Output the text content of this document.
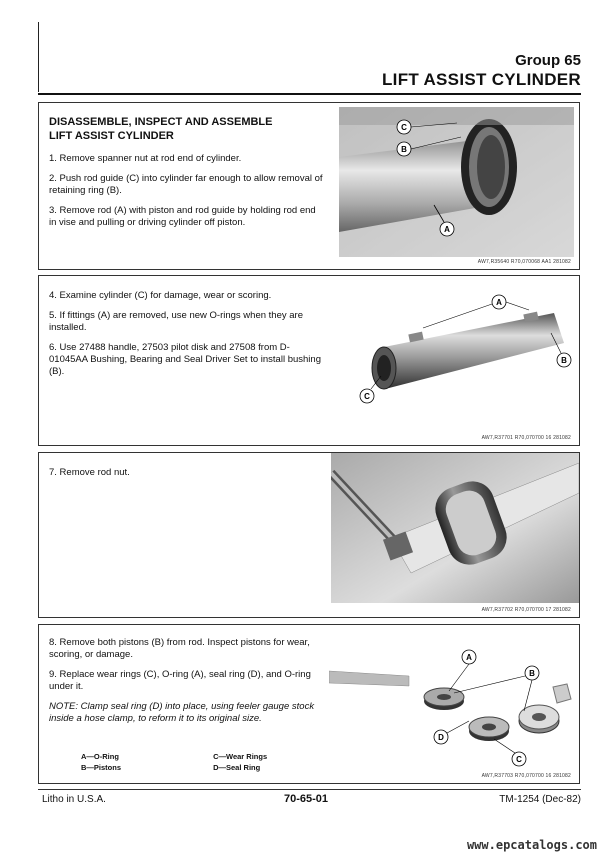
Group 65
LIFT ASSIST CYLINDER

DISASSEMBLE, INSPECT AND ASSEMBLE
LIFT ASSIST CYLINDER

1. Remove spanner nut at rod end of cylinder.

2. Push rod guide (C) into cylinder far enough to allow removal of retaining ring (B).

3. Remove rod (A) with piston and rod guide by holding rod end in vise and pulling or driving cylinder off piston.

C
B
A
AW7,R35640 R70,070068 AA1 281082

4. Examine cylinder (C) for damage, wear or scoring.

5. If fittings (A) are removed, use new O-rings when they are installed.

6. Use 27488 handle, 27503 pilot disk and 27508 from D-01045AA Bushing, Bearing and Seal Driver Set to install bushing (B).

A
B
C
AW7,R37701 R70,070700 16 281082

7. Remove rod nut.

AW7,R37702 R70,070700 17 281082

8. Remove both pistons (B) from rod. Inspect pistons for wear, scoring, or damage.

9. Replace wear rings (C), O-ring (A), seal ring (D), and O-ring under it.

NOTE: Clamp seal ring (D) into place, using feeler gauge stock inside a hose clamp, to reform it to its original size.

A—O-Ring
B—Pistons

C—Wear Rings
D—Seal Ring
A
B
D
C
AW7,R37703 R70,070700 16 281082
Litho in U.S.A.	70-65-01	TM-1254 (Dec-82)
www.epcatalogs.com
